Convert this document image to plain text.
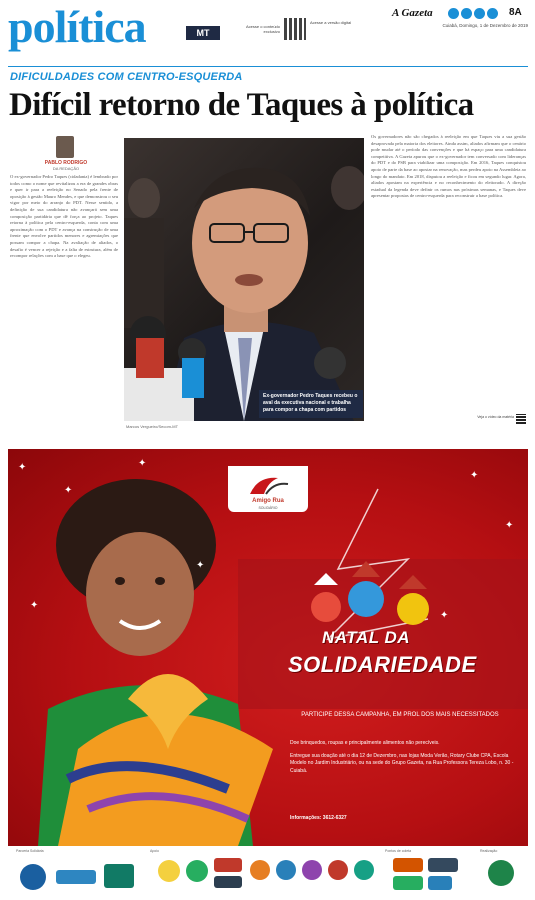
política	MT
Acesse o conteúdo exclusivo
Acesse a versão digital
A Gazeta	8A
Cuiabá, Domingo, 1 de Dezembro de 2019
DIFICULDADES COM CENTRO-ESQUERDA
Difícil retorno de Taques à política
PABLO RODRIGO
DA REDAÇÃO
O ex-governador Pedro Taques (cidadania) é lembrado por todos como o nome que revitalizou a era de grandes obras e quer ir para a reeleição no Senado pela frente de oposição à gestão Mauro Mendes, e que demonstrou o seu vigor por meio do arranjo do PDT. Nesse sentido, a definição de sua candidatura não avançará sem uma composição partidária que dê força ao projeto. Taques retorna à política pela centro-esquerda, conta com uma aproximação com o PDT e avança na construção de uma frente que envolve partidos menores e agremiações que possam compor a chapa. Na avaliação de aliados, o desafio é vencer a rejeição e a falta de estrutura, além de recompor relações com a base que o elegeu.
Os governadores não são chegados à reeleição em que Taques viu a sua gestão desaprovada pela maioria dos eleitores. Ainda assim, aliados afirmam que o cenário pode mudar até o período das convenções e que há espaço para uma candidatura competitiva. A Gazeta apurou que o ex-governador tem conversado com lideranças do PDT e do PSB para viabilizar uma composição. Em 2016, Taques conquistou apoio de parte da base ao apostar na renovação, mas perdeu apoio na Assembleia ao longo do mandato. Em 2018, disputou a reeleição e ficou em segundo lugar. Agora, aliados apostam na experiência e no reconhecimento do eleitorado. A direção estadual da legenda deve definir os rumos nas próximas semanas, e Taques deve apresentar propostas de centro-esquerda para reconstruir a base política.
Ex-governador Pedro Taques recebeu o aval da executiva nacional e trabalha para compor a chapa com partidos
Marcos Vergueiro/Secom-MT
Veja o vídeo da matéria
✦
✦
✦
✦
✦
✦
✦
✦
Amigo Rua
SOLIDÁRIO
NATAL DA
SOLIDARIEDADE
PARTICIPE DESSA CAMPANHA, EM PROL DOS MAIS NECESSITADOS
Doe brinquedos, roupas e principalmente alimentos não perecíveis.
Entregue sua doação até o dia 12 de Dezembro, nas lojas Moda Verão, Rotary Clube CPA, Escola Modelo no Jardim Industriário, ou na sede do Grupo Gazeta, na Rua Professora Tereza Lobo, n. 30 - Cuiabá.
Informações: 3612-6327
Parceria Solidária	Apoio	Pontos de coleta	Realização
